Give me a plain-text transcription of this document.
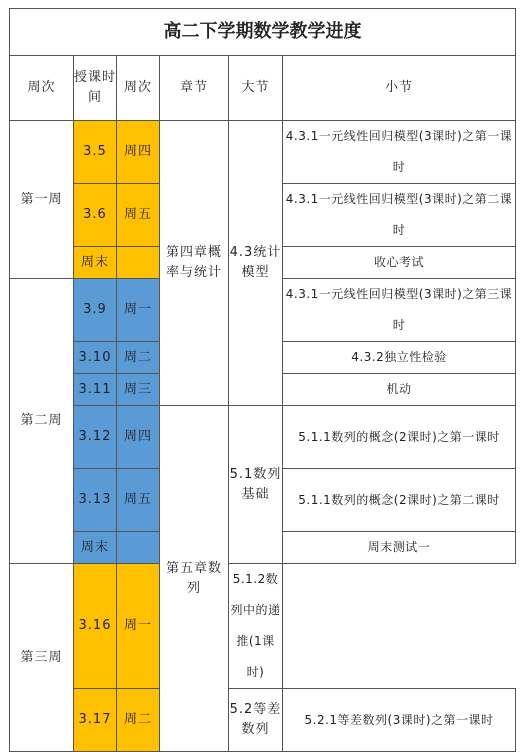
高二下学期数学教学进度					
周次	授课时间	周次	章节	大节	小节
第一周	3.5	周四	第四章概率与统计	4.3统计模型	4.3.1一元线性回归模型(3课时)之第一课时
	3.6	周五			4.3.1一元线性回归模型(3课时)之第二课时
	周末				收心考试
第二周	3.9	周一			4.3.1一元线性回归模型(3课时)之第三课时
	3.10	周二			4.3.2独立性检验
	3.11	周三			机动
	3.12	周四	第五章数列	5.1数列基础	5.1.1数列的概念(2课时)之第一课时
	3.13	周五			5.1.1数列的概念(2课时)之第二课时
	周末				周末测试一
第三周	3.16	周一		5.1.2数列中的递推(1课时)	
	3.17	周二		5.2等差数列	5.2.1等差数列(3课时)之第一课时
